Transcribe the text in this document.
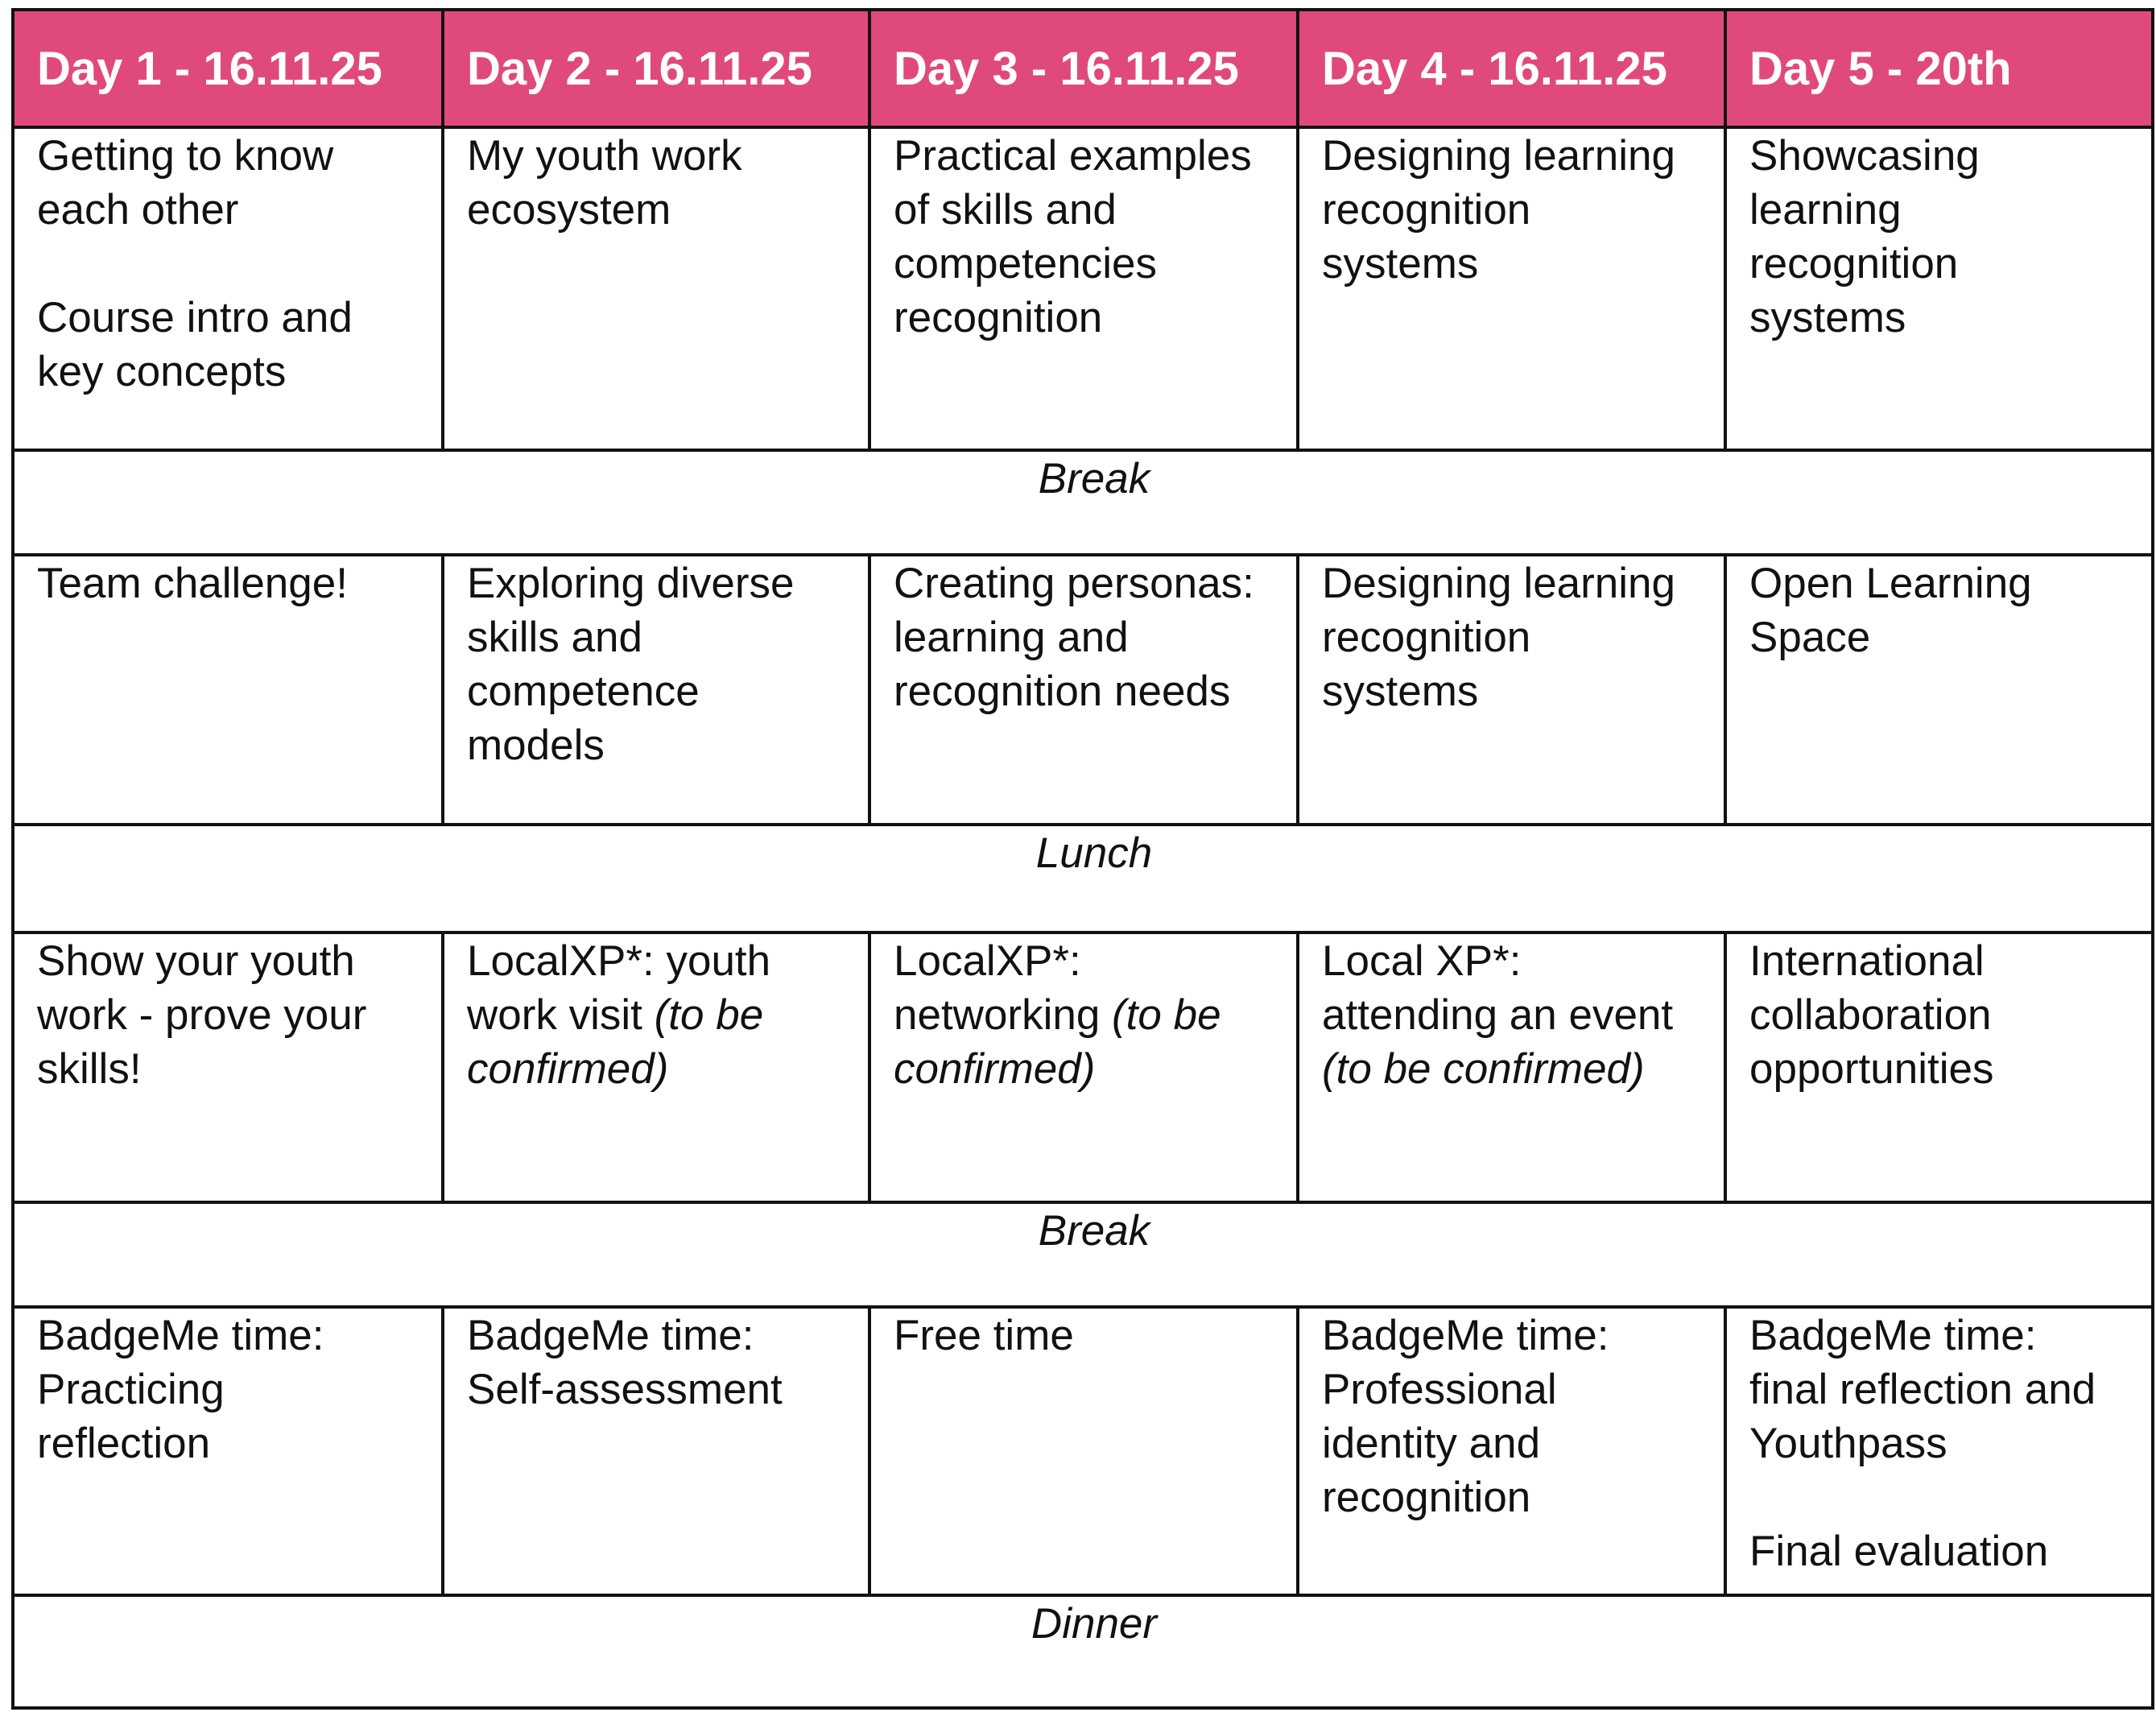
Day 1 - 16.11.25	Day 2 - 16.11.25	Day 3 - 16.11.25	Day 4 - 16.11.25	Day 5 - 20th

Getting to know
each other
Course intro and
key concepts	My youth work
ecosystem	Practical examples
of skills and
competencies
recognition	Designing learning
recognition
systems	Showcasing
learning
recognition
systems

Break				

Team challenge!	Exploring diverse
skills and
competence
models	Creating personas:
learning and
recognition needs	Designing learning
recognition
systems	Open Learning
Space

Lunch				

Show your youth
work - prove your
skills!	LocalXP*: youth
work visit (to be
confirmed)	LocalXP*:
networking (to be
confirmed)	Local XP*:
attending an event
(to be confirmed)	International
collaboration
opportunities

Break				

BadgeMe time:
Practicing
reflection	BadgeMe time:
Self-assessment	Free time	BadgeMe time:
Professional
identity and
recognition	BadgeMe time:
final reflection and
Youthpass
Final evaluation

Dinner				
